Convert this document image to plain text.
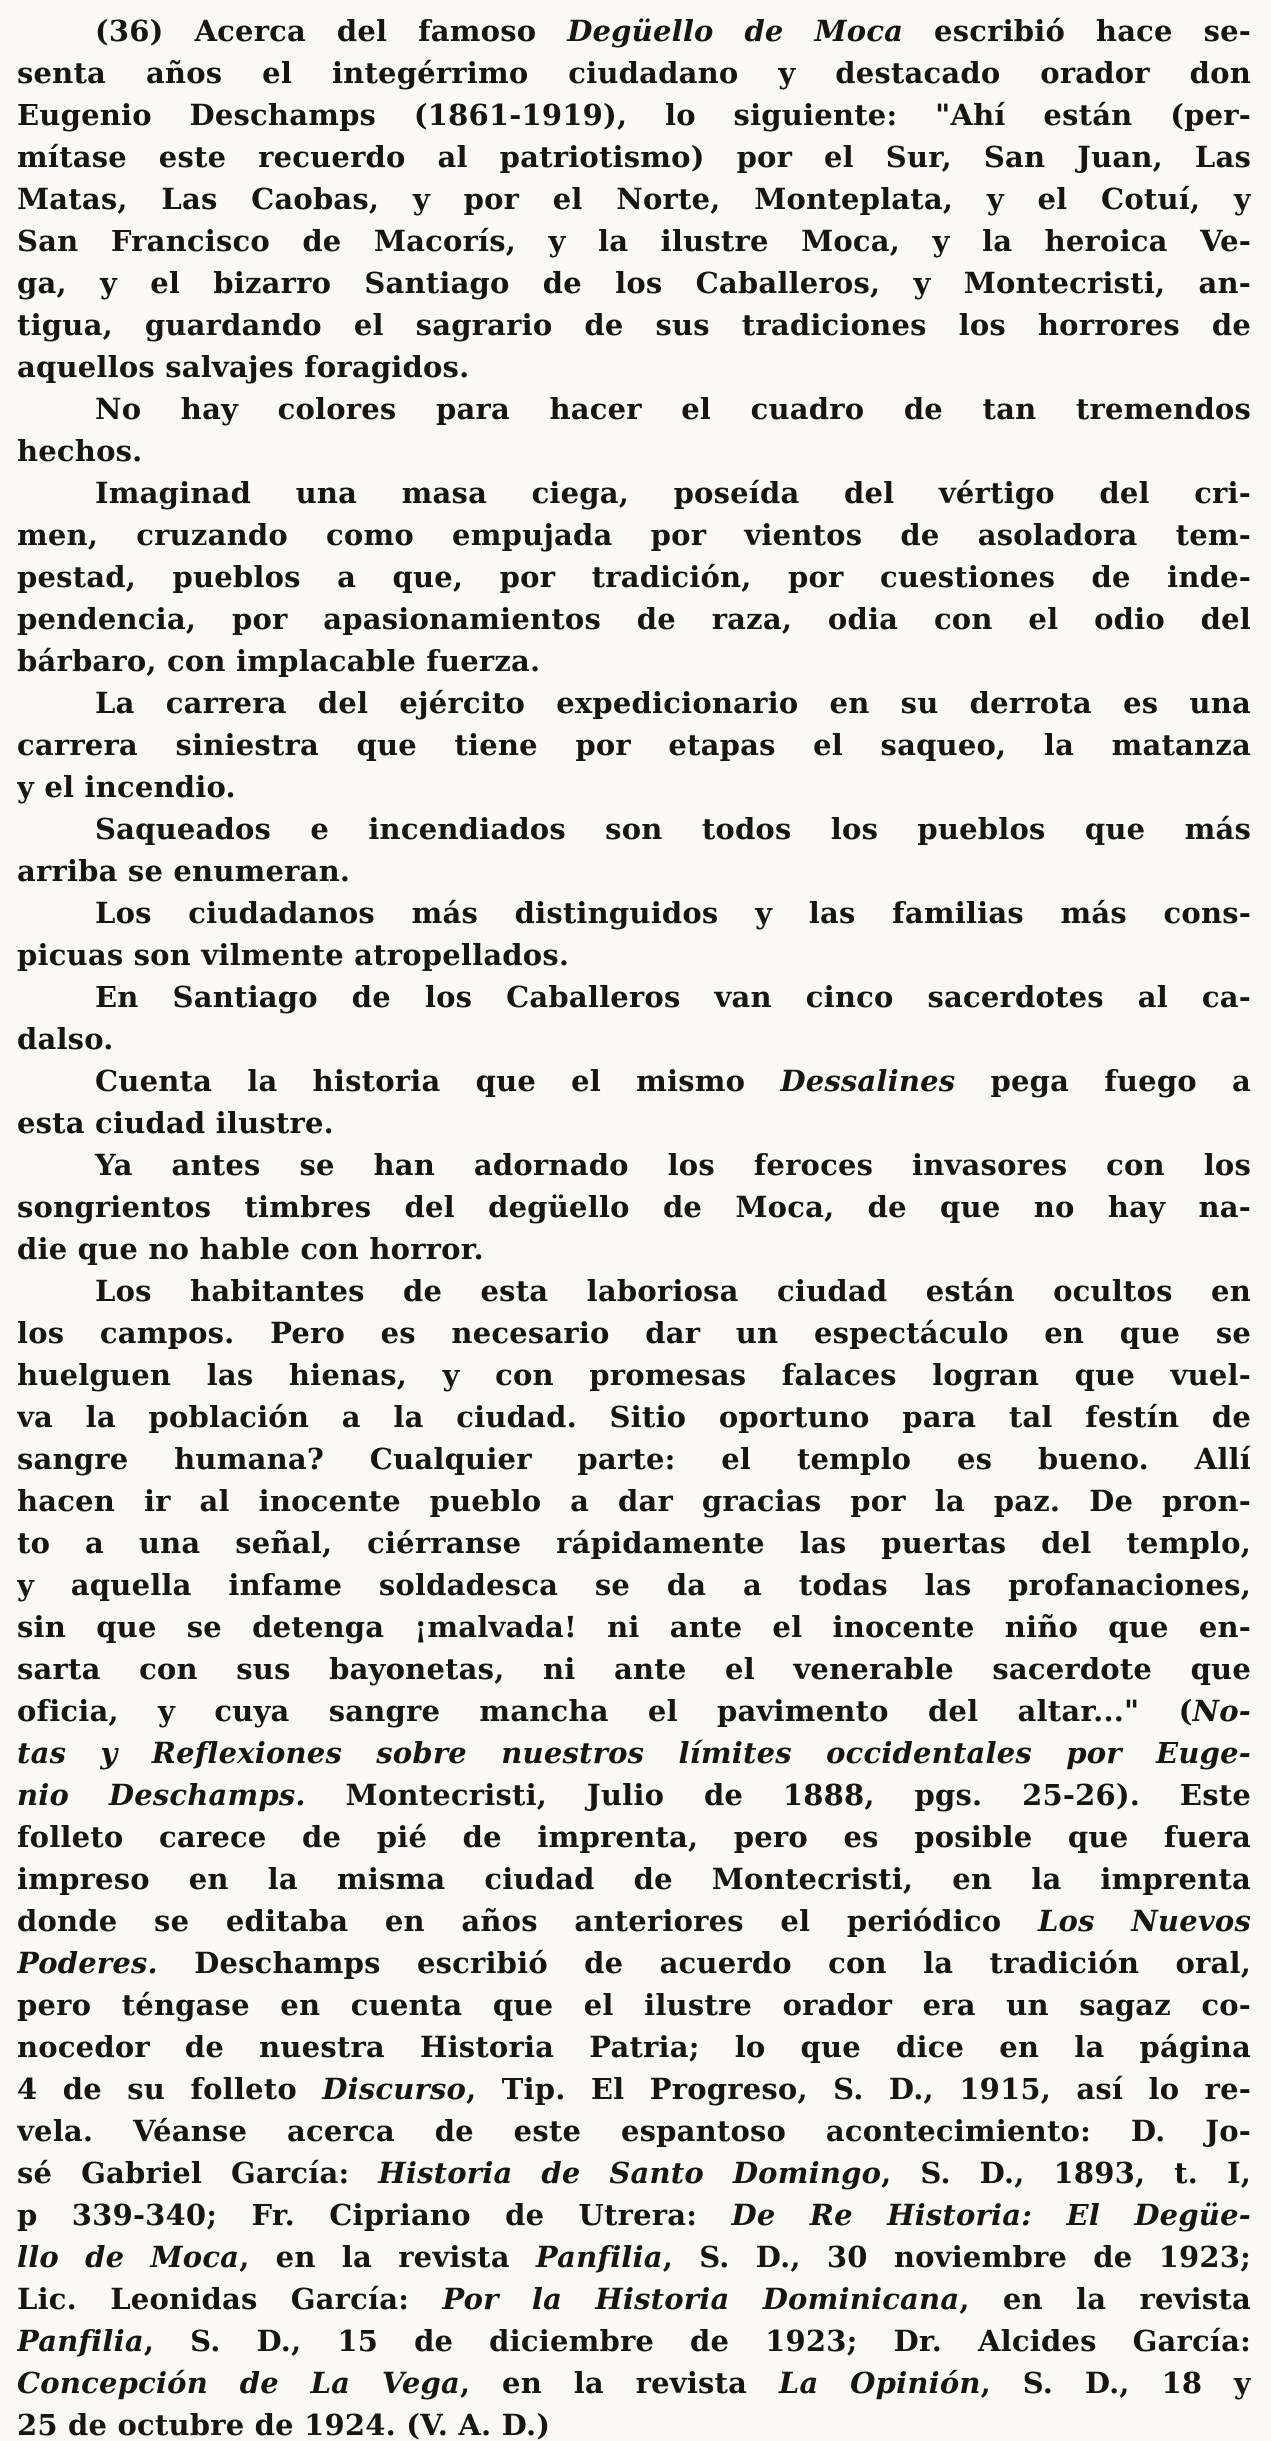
(36) Acerca del famoso Degüello de Moca escribió hace se-
senta años el integérrimo ciudadano y destacado orador don
Eugenio Deschamps (1861-1919), lo siguiente: "Ahí están (per-
mítase este recuerdo al patriotismo) por el Sur, San Juan, Las
Matas, Las Caobas, y por el Norte, Monteplata, y el Cotuí, y
San Francisco de Macorís, y la ilustre Moca, y la heroica Ve-
ga, y el bizarro Santiago de los Caballeros, y Montecristi, an-
tigua, guardando el sagrario de sus tradiciones los horrores de
aquellos salvajes foragidos.
No hay colores para hacer el cuadro de tan tremendos
hechos.
Imaginad una masa ciega, poseída del vértigo del cri-
men, cruzando como empujada por vientos de asoladora tem-
pestad, pueblos a que, por tradición, por cuestiones de inde-
pendencia, por apasionamientos de raza, odia con el odio del
bárbaro, con implacable fuerza.
La carrera del ejército expedicionario en su derrota es una
carrera siniestra que tiene por etapas el saqueo, la matanza
y el incendio.
Saqueados e incendiados son todos los pueblos que más
arriba se enumeran.
Los ciudadanos más distinguidos y las familias más cons-
picuas son vilmente atropellados.
En Santiago de los Caballeros van cinco sacerdotes al ca-
dalso.
Cuenta la historia que el mismo Dessalines pega fuego a
esta ciudad ilustre.
Ya antes se han adornado los feroces invasores con los
songrientos timbres del degüello de Moca, de que no hay na-
die que no hable con horror.
Los habitantes de esta laboriosa ciudad están ocultos en
los campos. Pero es necesario dar un espectáculo en que se
huelguen las hienas, y con promesas falaces logran que vuel-
va la población a la ciudad. Sitio oportuno para tal festín de
sangre humana? Cualquier parte: el templo es bueno. Allí
hacen ir al inocente pueblo a dar gracias por la paz. De pron-
to a una señal, ciérranse rápidamente las puertas del templo,
y aquella infame soldadesca se da a todas las profanaciones,
sin que se detenga ¡malvada! ni ante el inocente niño que en-
sarta con sus bayonetas, ni ante el venerable sacerdote que
oficia, y cuya sangre mancha el pavimento del altar..." (No-
tas y Reflexiones sobre nuestros límites occidentales por Euge-
nio Deschamps. Montecristi, Julio de 1888, pgs. 25-26). Este
folleto carece de pié de imprenta, pero es posible que fuera
impreso en la misma ciudad de Montecristi, en la imprenta
donde se editaba en años anteriores el periódico Los Nuevos
Poderes. Deschamps escribió de acuerdo con la tradición oral,
pero téngase en cuenta que el ilustre orador era un sagaz co-
nocedor de nuestra Historia Patria; lo que dice en la página
4 de su folleto Discurso, Tip. El Progreso, S. D., 1915, así lo re-
vela. Véanse acerca de este espantoso acontecimiento: D. Jo-
sé Gabriel García: Historia de Santo Domingo, S. D., 1893, t. I,
p 339-340; Fr. Cipriano de Utrera: De Re Historia: El Degüe-
llo de Moca, en la revista Panfilia, S. D., 30 noviembre de 1923;
Lic. Leonidas García: Por la Historia Dominicana, en la revista
Panfilia, S. D., 15 de diciembre de 1923; Dr. Alcides García:
Concepción de La Vega, en la revista La Opinión, S. D., 18 y
25 de octubre de 1924. (V. A. D.)
